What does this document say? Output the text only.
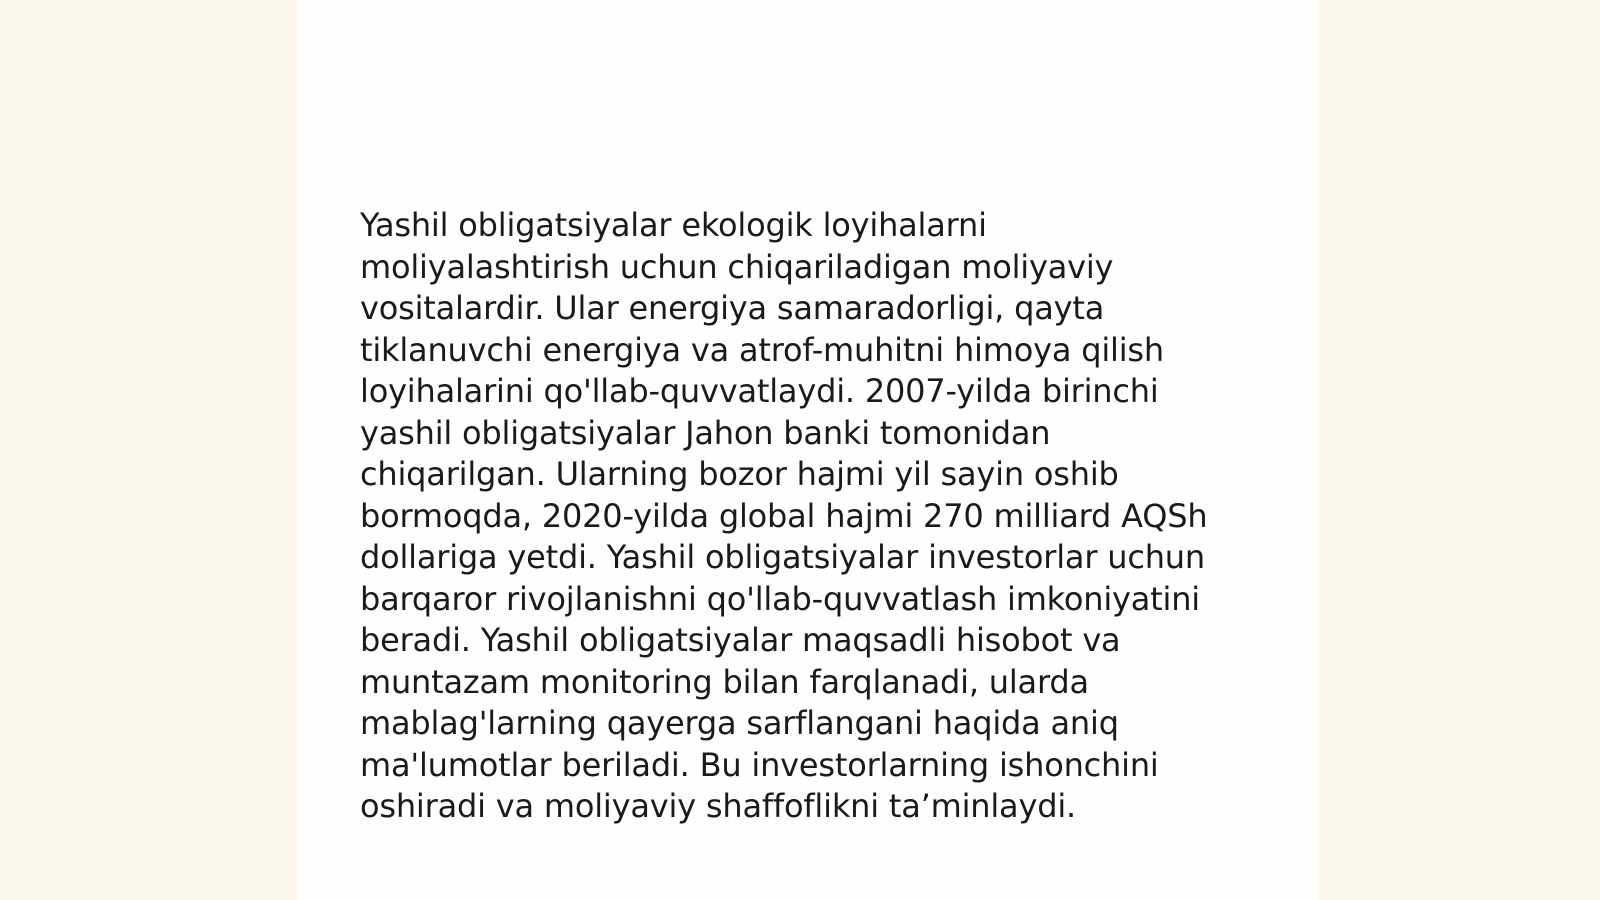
Yashil obligatsiyalar ekologik loyihalarni
moliyalashtirish uchun chiqariladigan moliyaviy
vositalardir. Ular energiya samaradorligi, qayta
tiklanuvchi energiya va atrof-muhitni himoya qilish
loyihalarini qo'llab-quvvatlaydi. 2007-yilda birinchi
yashil obligatsiyalar Jahon banki tomonidan
chiqarilgan. Ularning bozor hajmi yil sayin oshib
bormoqda, 2020-yilda global hajmi 270 milliard AQSh
dollariga yetdi. Yashil obligatsiyalar investorlar uchun
barqaror rivojlanishni qo'llab-quvvatlash imkoniyatini
beradi. Yashil obligatsiyalar maqsadli hisobot va
muntazam monitoring bilan farqlanadi, ularda
mablag'larning qayerga sarflangani haqida aniq
ma'lumotlar beriladi. Bu investorlarning ishonchini
oshiradi va moliyaviy shaffoflikni ta’minlaydi.
